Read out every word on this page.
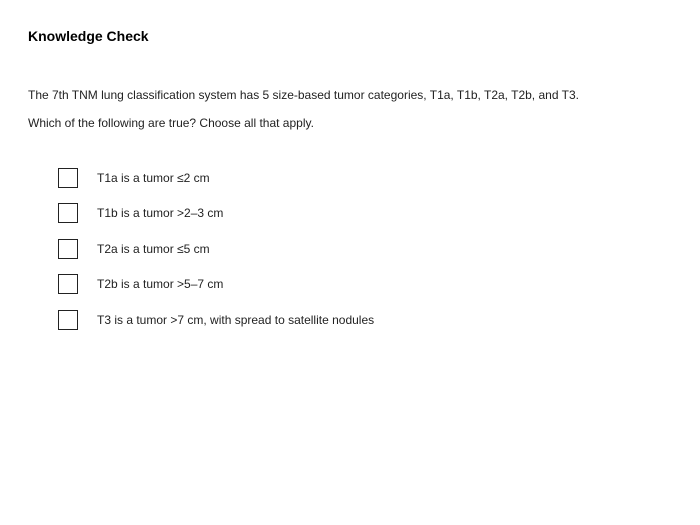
Knowledge Check
The 7th TNM lung classification system has 5 size-based tumor categories, T1a, T1b, T2a, T2b, and T3.
Which of the following are true? Choose all that apply.
T1a is a tumor ≤2 cm
T1b is a tumor >2–3 cm
T2a is a tumor ≤5 cm
T2b is a tumor >5–7 cm
T3 is a tumor >7 cm, with spread to satellite nodules
